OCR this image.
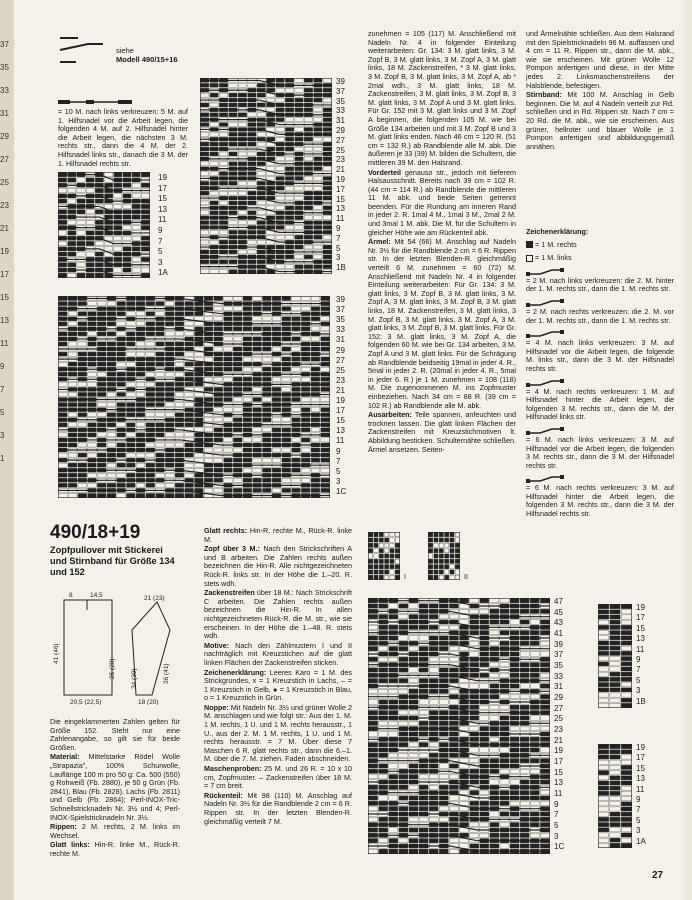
37
35
33
31
29
27
25
23
21
19
17
15
13
11
9
7
5
3
1
siehe
Modell 490/15+16

= 10 M. nach links verkreuzen: 5 M. auf 1. Hilfsnadel vor die Arbeit legen, die folgenden 4 M. auf 2. Hilfsnadel hinter die Arbeit legen, die nächsten 3 M. rechts str., dann die 4 M. der 2. Hilfsnadel links str., danach die 3 M. der 1. Hilfsnadel rechts str.

19
17
15
13
11
9
7
5
3
1A
39
37
35
33
31
29
27
25
23
21
19
17
15
13
11
9
7
5
3
1B
39
37
35
33
31
29
27
25
23
21
19
17
15
13
11
9
7
5
3
1C
490/18+19
Zopfpullover mit Stickerei und Stirnband für Größe 134 und 152
8	14,5	21 (23)
41 (46)
25 (28) 34 (39)	36 (41)
20,5 (22,5)	18 (20)

Die eingeklammerten Zahlen gelten für Größe 152. Steht nur eine Zahlenangabe, so gilt sie für beide Größen.

Material: Mittelstarke Rödel Wolle „Strapazia", 100% Schurwolle, Lauflänge 100 m pro 50 g: Ca. 500 (550) g Rohweiß (Fb. 2880), je 50 g Grün (Fb. 2841), Blau (Fb. 2828), Lachs (Fb. 2811) und Gelb (Fb. 2864); Perl-INOX-Tric-Schnellstricknadeln Nr. 3½ und 4; Perl-INOX-Spielstricknadeln Nr. 3½.

Rippen: 2 M. rechts, 2 M. links im Wechsel.

Glatt links: Hin-R. linke M., Rück-R. rechte M.

Glatt rechts: Hin-R. rechte M., Rück-R. linke M.

Zopf über 3 M.: Nach den Strickschriften A und B arbeiten. Die Zahlen rechts außen bezeichnen die Hin-R. Alle nichtgezeichneten Rück-R. links str. In der Höhe die 1.–20. R. stets wdh.

Zackenstreifen über 18 M.: Nach Strickschrift C arbeiten. Die Zahlen rechts außen bezeichnen die Hin-R. In allen nichtgezeichneten Rück-R. die M. str., wie sie erscheinen. In der Höhe die 1.–48. R. stets wdh.

Motive: Nach den Zählmustern I und II nachträglich mit Kreuzstichen auf die glatt linken Flächen der Zackenstreifen sticken.

Zeichenerklärung: Leeres Karo = 1 M. des Strickgrundes, x = 1 Kreuzstich in Lachs, – = 1 Kreuzstich in Gelb, ● = 1 Kreuzstich in Blau, o = 1 Kreuzstich in Grün.

Noppe: Mit Nadeln Nr. 3½ und grüner Wolle 2 M. anschlagen und wie folgt str.: Aus der 1. M. 1 M. rechts, 1 U. und 1 M. rechts herausstr., 1 U., aus der 2. M. 1 M. rechts, 1 U. und 1 M. rechts herausstr. = 7 M. Über diese 7 Maschen 6 R. glatt rechts str., dann die 6.–1. M. über die 7. M. ziehen. Faden abschneiden.

Maschenproben: 25 M. und 26 R. = 10 x 10 cm, Zopfmuster. – Zackenstreifen über 18 M. = 7 cm breit.

Rückenteil: Mit 98 (110) M. Anschlag auf Nadeln Nr. 3½ für die Randblende 2 cm = 6 R. Rippen str. In der letzten Blenden-R. gleichmäßig verteilt 7 M.

zunehmen = 105 (117) M. Anschließend mit Nadeln Nr. 4 in folgender Einteilung weiterarbeiten: Gr. 134: 3 M. glatt links, 3 M. Zopf B, 3 M. glatt links, 3 M. Zopf A, 3 M. glatt links, 18 M. Zackenstreifen, * 3 M. glatt links, 3 M. Zopf B, 3 M. glatt links, 3 M. Zopf A, ab * 2mal wdh., 3 M. glatt links, 18 M. Zackenstreifen, 3 M. glatt links, 3 M. Zopf B, 3 M. glatt links, 3 M. Zopf A und 3 M. glatt links. Für Gr. 152 mit 3 M. glatt links und 3 M. Zopf A beginnen, die folgenden 105 M. wie bei Größe 134 arbeiten und mit 3 M. Zopf B und 3 M. glatt links enden. Nach 46 cm = 120 R. (51 cm = 132 R.) ab Randblende alle M. abk. Die äußeren je 33 (39) M. bilden die Schultern, die mittleren 39 M. den Halsrand.

Vorderteil genauso str., jedoch mit tieferem Halsausschnitt. Bereits nach 39 cm = 102 R. (44 cm = 114 R.) ab Randblende die mittleren 11 M. abk. und beide Seiten getrennt beenden. Für die Rundung am inneren Rand in jeder 2. R. 1mal 4 M., 1mal 3 M., 2mal 2 M. und 3mal 1 M. abk. Die M. für die Schultern in gleicher Höhe wie am Rückenteil abk.

Ärmel: Mit 54 (66) M. Anschlag auf Nadeln Nr. 3½ für die Randblende 2 cm = 6 R. Rippen str. In der letzten Blenden-R. gleichmäßig verteilt 6 M. zunehmen = 60 (72) M. Anschließend mit Nadeln Nr. 4 in folgender Einteilung weiterarbeiten: Für Gr. 134: 3 M. glatt links, 3 M. Zopf B, 3 M. glatt links, 3 M. Zopf A, 3 M. glatt links, 3 M. Zopf B, 3 M. glatt links, 18 M. Zackenstreifen, 3 M. glatt links, 3 M. Zopf B, 3 M. glatt links, 3 M. Zopf A, 3 M. glatt links, 3 M. Zopf B, 3 M. glatt links. Für Gr. 152: 3 M. glatt links, 3 M. Zopf A, die folgenden 60 M. wie bei Gr. 134 arbeiten, 3 M. Zopf A und 3 M. glatt links. Für die Schrägung ab Randblende beidseitig 19mal in jeder 4. R., 5mal in jeder 2. R. (20mal in jeder 4. R., 5mal in jeder 6. R.) je 1 M. zunehmen = 108 (118) M. Die zugenommenen M. ins Zopfmuster einbeziehen. Nach 34 cm = 88 R. (39 cm = 102 R.) ab Randblende alle M. abk.

Ausarbeiten: Teile spannen, anfeuchten und trocknen lassen. Die glatt linken Flächen der Zackenstreifen mit Kreuzstichmotiven lt. Abbildung besticken. Schulternähte schließen. Ärmel ansetzen. Seiten-

I	II
47
45
43
41
39
37
35
33
31
29
27
25
23
21
19
17
15
13
11
9
7
5
3
1C
19
17
15
13
11
9
7
5
3
1B
19
17
15
13
11
9
7
5
3
1A

und Ärmelnähte schließen. Aus dem Halsrand mit den Spielstricknadeln 96 M. auffassen und 4 cm = 11 R. Rippen str., dann die M. abk., wie sie erscheinen. Mit grüner Wolle 12 Pompon anfertigen und diese, in der Mitte jedes 2. Linksmaschenstreifens der Halsblende, befestigen.

Stirnband: Mit 100 M. Anschlag in Gelb beginnen. Die M. auf 4 Nadeln verteilt zur Rd. schließen und in Rd. Rippen str. Nach 7 cm = 20 Rd. die M. abk., wie sie erscheinen. Aus grüner, hellroter und blauer Wolle je 1 Pompon anfertigen und abbildungsgemäß annähen.

Zeichenerklärung:

= 1 M. rechts

= 1 M. links

= 2 M. nach links verkreuzen: die 2. M. hinter der 1. M. rechts str., dann die 1. M. rechts str.

= 2 M. nach rechts verkreuzen: die 2. M. vor der 1. M. rechts str., dann die 1. M. rechts str.

= 4 M. nach links verkreuzen: 3 M. auf Hilfsnadel vor die Arbeit legen, die folgende M. links str., dann die 3 M. der Hilfsnadel rechts str.

= 4 M. nach rechts verkreuzen: 1 M. auf Hilfsnadel hinter die Arbeit legen, die folgenden 3 M. rechts str., dann die M. der Hilfsnadel links str.

= 6 M. nach links verkreuzen: 3 M. auf Hilfsnadel vor die Arbeit legen, die folgenden 3 M. rechts str., dann die 3 M. der Hilfsnadel rechts str.

= 6 M. nach rechts verkreuzen: 3 M. auf Hilfsnadel hinter die Arbeit legen, die folgenden 3 M. rechts str., dann die 3 M. der Hilfsnadel rechts str.

27
